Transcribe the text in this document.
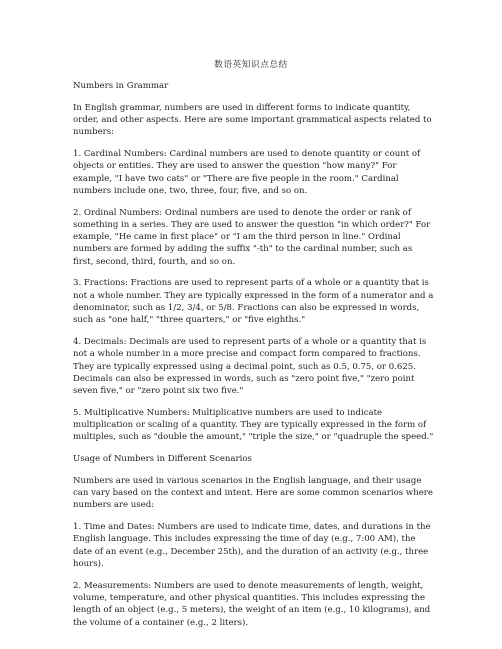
数语英知识点总结

Numbers in Grammar

In English grammar, numbers are used in different forms to indicate quantity, order, and other aspects. Here are some important grammatical aspects related to numbers:

1. Cardinal Numbers: Cardinal numbers are used to denote quantity or count of objects or entities. They are used to answer the question "how many?" For example, "I have two cats" or "There are five people in the room." Cardinal numbers include one, two, three, four, five, and so on.

2. Ordinal Numbers: Ordinal numbers are used to denote the order or rank of something in a series. They are used to answer the question "in which order?" For example, "He came in first place" or "I am the third person in line." Ordinal numbers are formed by adding the suffix "-th" to the cardinal number, such as first, second, third, fourth, and so on.

3. Fractions: Fractions are used to represent parts of a whole or a quantity that is not a whole number. They are typically expressed in the form of a numerator and a denominator, such as 1/2, 3/4, or 5/8. Fractions can also be expressed in words, such as "one half," "three quarters," or "five eighths."

4. Decimals: Decimals are used to represent parts of a whole or a quantity that is not a whole number in a more precise and compact form compared to fractions. They are typically expressed using a decimal point, such as 0.5, 0.75, or 0.625. Decimals can also be expressed in words, such as "zero point five," "zero point seven five," or "zero point six two five."

5. Multiplicative Numbers: Multiplicative numbers are used to indicate multiplication or scaling of a quantity. They are typically expressed in the form of multiples, such as "double the amount," "triple the size," or "quadruple the speed."

Usage of Numbers in Different Scenarios

Numbers are used in various scenarios in the English language, and their usage can vary based on the context and intent. Here are some common scenarios where numbers are used:

1. Time and Dates: Numbers are used to indicate time, dates, and durations in the English language. This includes expressing the time of day (e.g., 7:00 AM), the date of an event (e.g., December 25th), and the duration of an activity (e.g., three hours).

2. Measurements: Numbers are used to denote measurements of length, weight, volume, temperature, and other physical quantities. This includes expressing the length of an object (e.g., 5 meters), the weight of an item (e.g., 10 kilograms), and the volume of a container (e.g., 2 liters).
